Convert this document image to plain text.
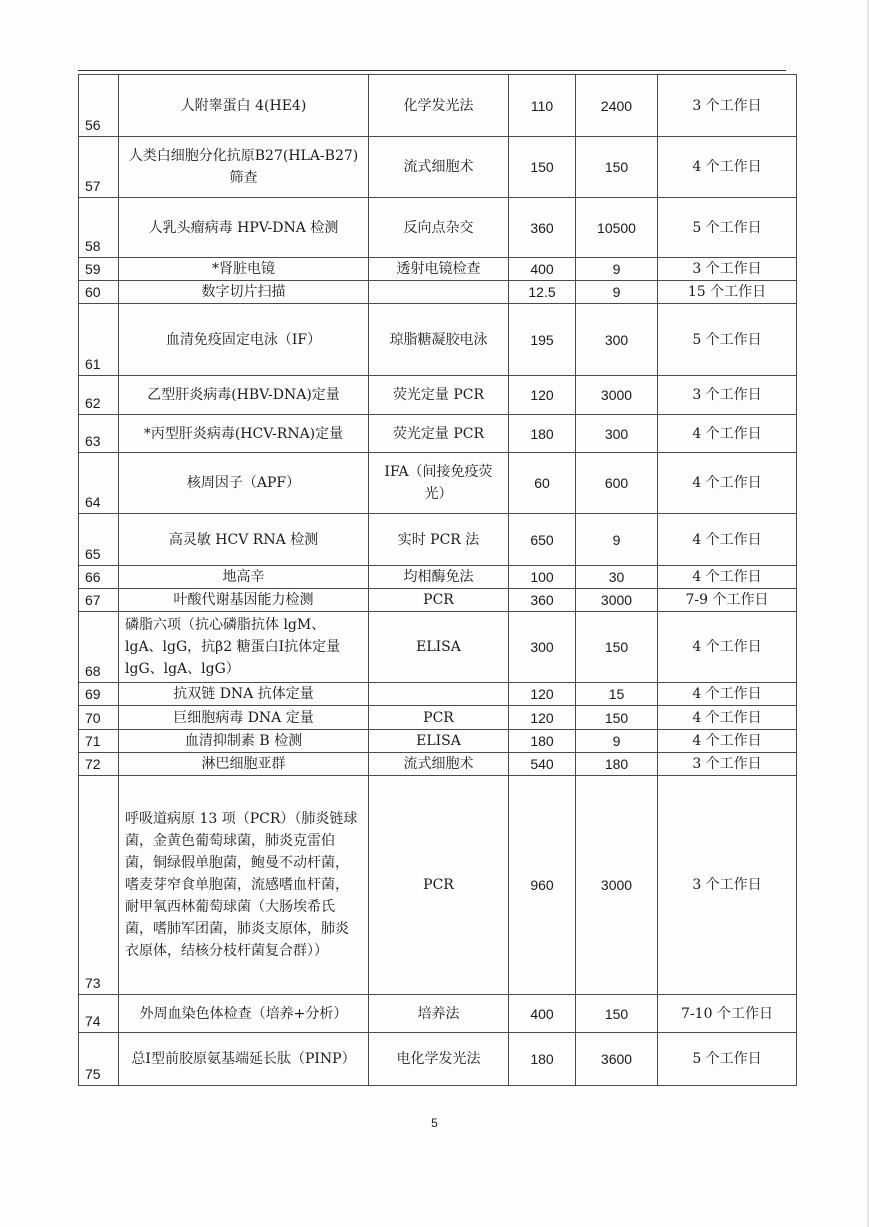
56	人附睾蛋白 4(HE4)	化学发光法	110	2400	3 个工作日
57	人类白细胞分化抗原B27(HLA-B27)筛查	流式细胞术	150	150	4 个工作日
58	人乳头瘤病毒 HPV-DNA 检测	反向点杂交	360	10500	5 个工作日
59	*肾脏电镜	透射电镜检查	400	9	3 个工作日
60	数字切片扫描		12.5	9	15 个工作日
61	血清免疫固定电泳（IF）	琼脂糖凝胶电泳	195	300	5 个工作日
62	乙型肝炎病毒(HBV-DNA)定量	荧光定量 PCR	120	3000	3 个工作日
63	*丙型肝炎病毒(HCV-RNA)定量	荧光定量 PCR	180	300	4 个工作日
64	核周因子（APF）	IFA（间接免疫荧光）	60	600	4 个工作日
65	高灵敏 HCV RNA 检测	实时 PCR 法	650	9	4 个工作日
66	地高辛	均相酶免法	100	30	4 个工作日
67	叶酸代谢基因能力检测	PCR	360	3000	7-9 个工作日
68	磷脂六项（抗心磷脂抗体 lgM、lgA、lgG，抗β2 糖蛋白Ⅰ抗体定量 lgG、lgA、lgG）	ELISA	300	150	4 个工作日
69	抗双链 DNA 抗体定量		120	15	4 个工作日
70	巨细胞病毒 DNA 定量	PCR	120	150	4 个工作日
71	血清抑制素 B 检测	ELISA	180	9	4 个工作日
72	淋巴细胞亚群	流式细胞术	540	180	3 个工作日
73	呼吸道病原 13 项（PCR）（肺炎链球菌，金黄色葡萄球菌，肺炎克雷伯菌，铜绿假单胞菌，鲍曼不动杆菌，嗜麦芽窄食单胞菌，流感嗜血杆菌，耐甲氧西林葡萄球菌（大肠埃希氏菌，嗜肺军团菌，肺炎支原体，肺炎衣原体，结核分枝杆菌复合群））	PCR	960	3000	3 个工作日
74	外周血染色体检查（培养+分析）	培养法	400	150	7-10 个工作日
75	总Ⅰ型前胶原氨基端延长肽（PINP）	电化学发光法	180	3600	5 个工作日
5
